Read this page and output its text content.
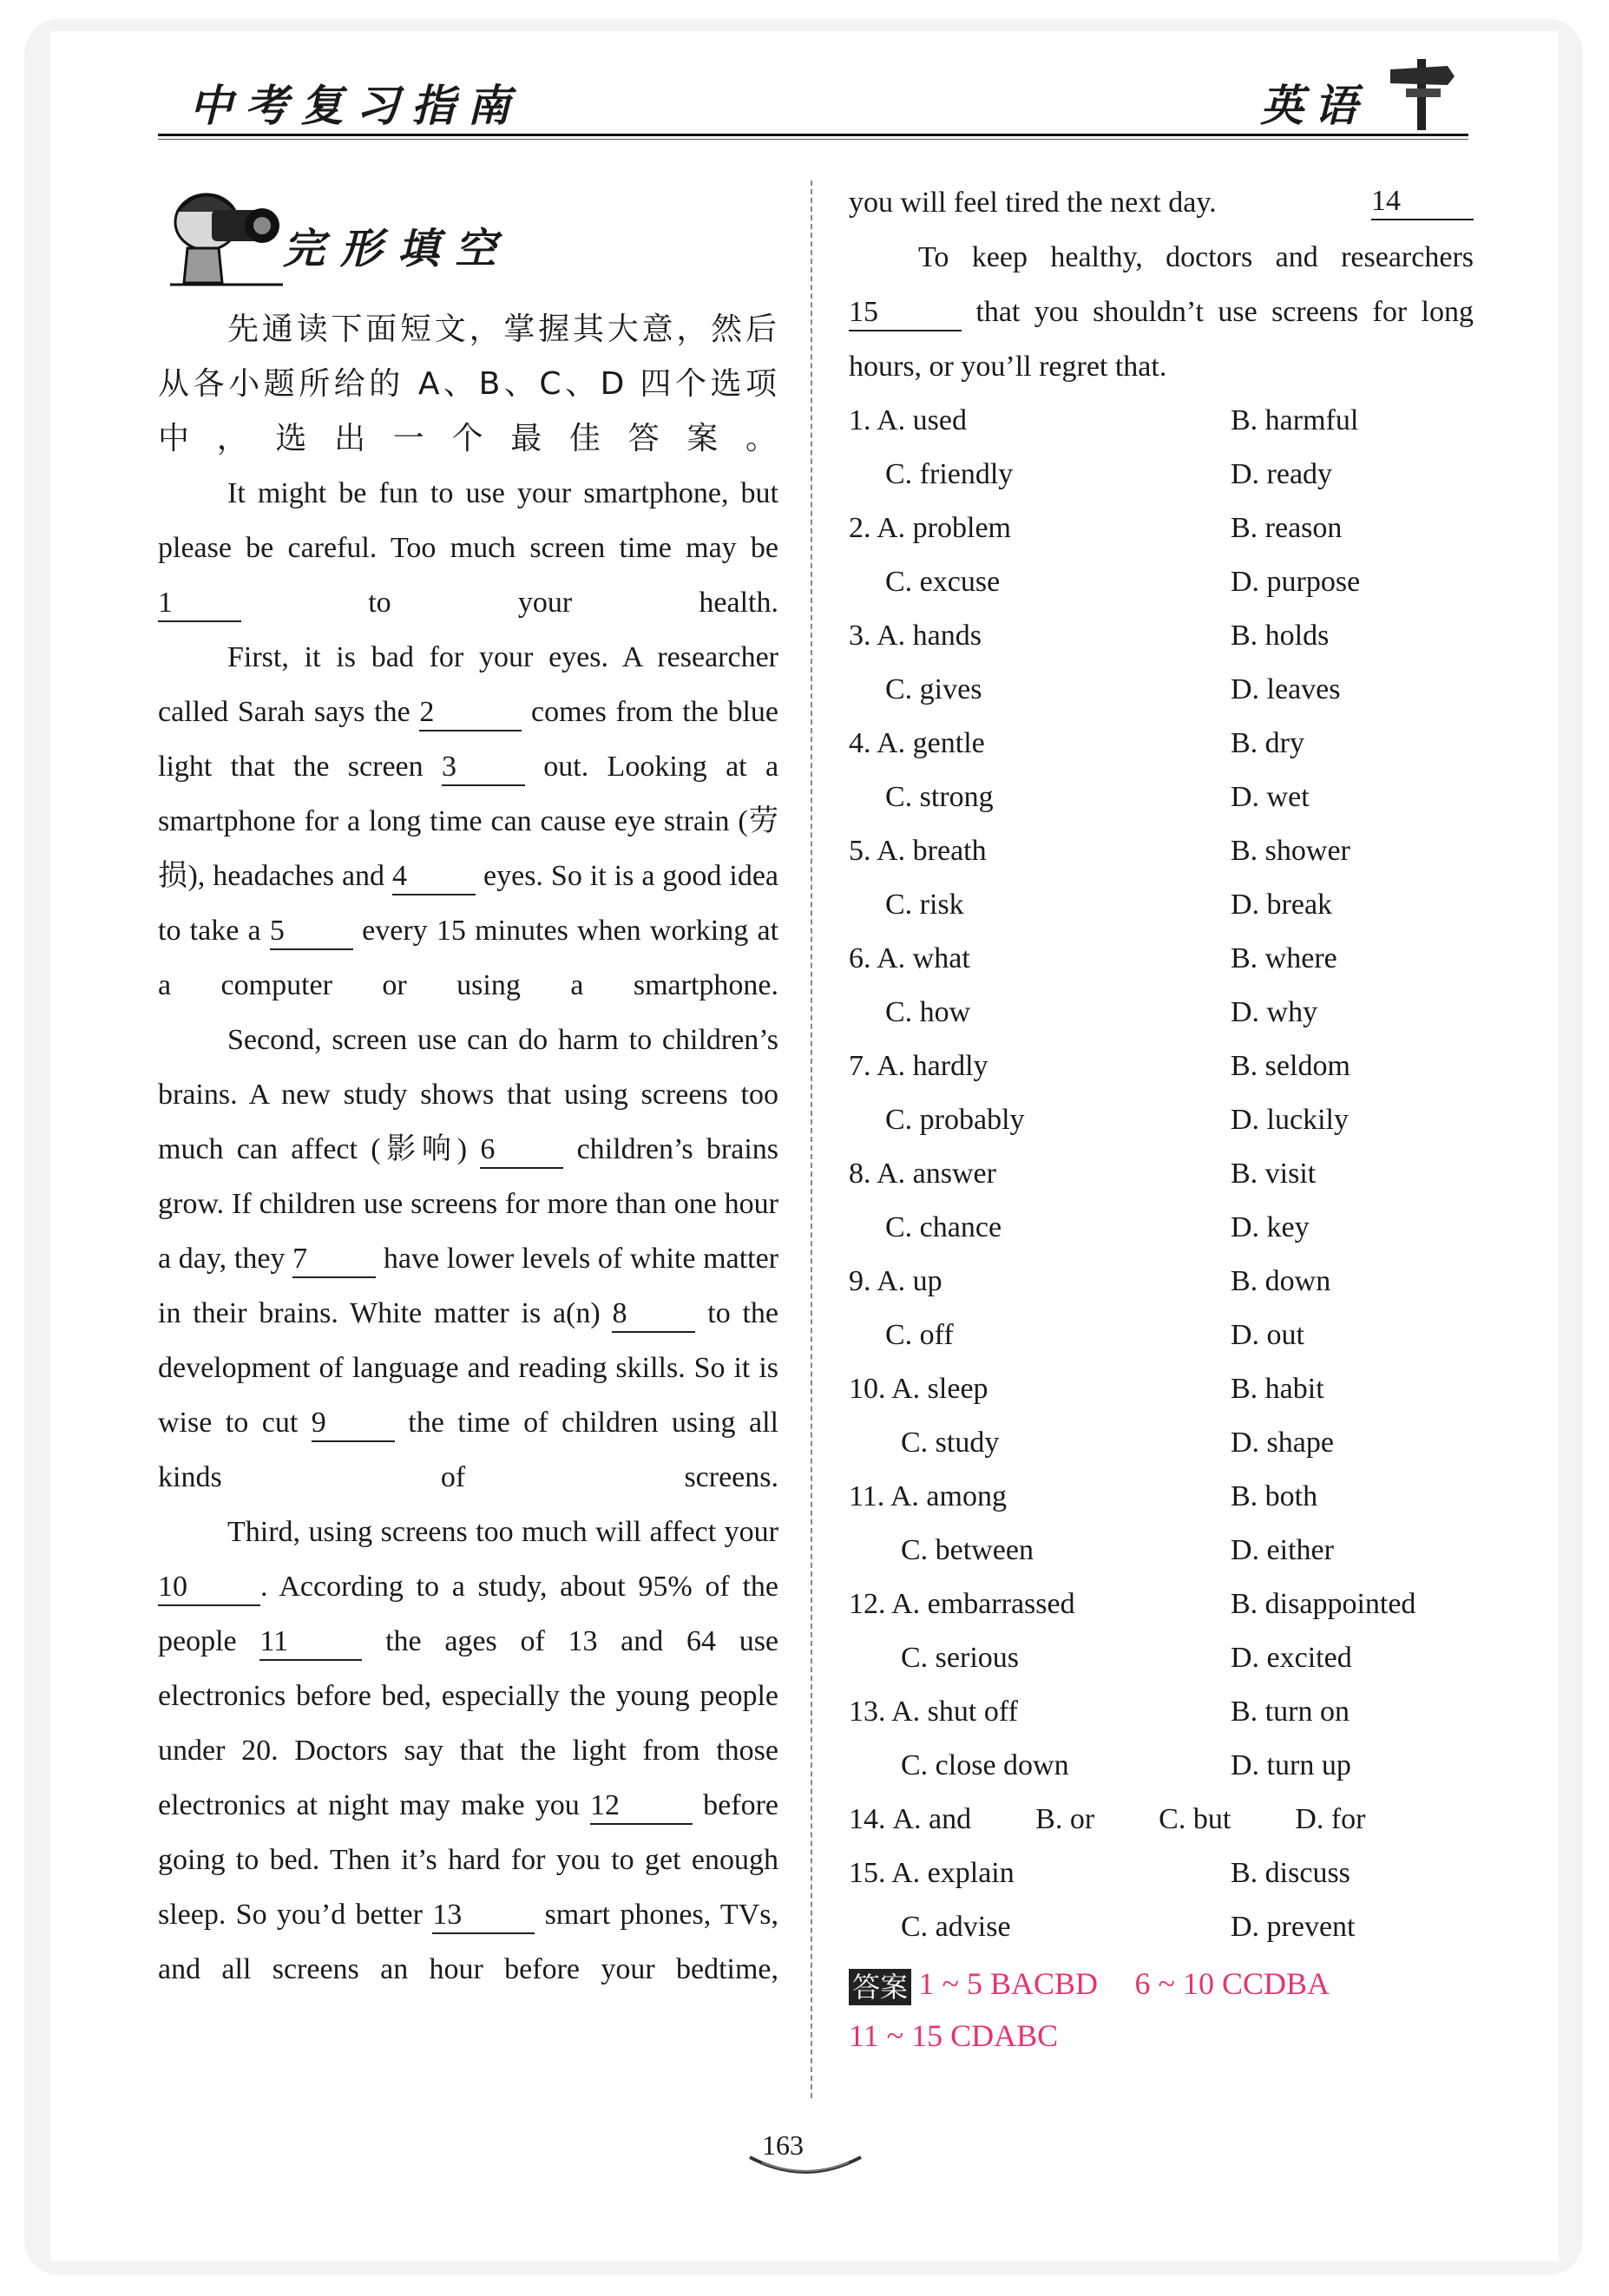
中考复习指南	英语
完形填空

先通读下面短文，掌握其大意，然后从各小题所给的 A、B、C、D 四个选项中，选出一个最佳答案。

It might be fun to use your smartphone, but please be careful. Too much screen time may be 1	to your health.

First, it is bad for your eyes. A researcher called Sarah says the 2	comes from the blue light that the screen 3	out. Looking at a smartphone for a long time can cause eye strain (劳损), headaches and 4	eyes. So it is a good idea to take a 5	every 15 minutes when working at a computer or using a smartphone.

Second, screen use can do harm to children’s brains. A new study shows that using screens too much can affect (影响) 6	children’s brains grow. If children use screens for more than one hour a day, they 7	have lower levels of white matter in their brains. White matter is a(n) 8	to the development of language and reading skills. So it is wise to cut 9	the time of children using all kinds of screens.

Third, using screens too much will affect your 10 . According to a study, about 95% of the people 11	the ages of 13 and 64 use electronics before bed, especially the young people under 20. Doctors say that the light from those electronics at night may make you 12	before going to bed. Then it’s hard for you to get enough sleep. So you’d better 13	smart phones, TVs, and all screens an hour before your bedtime,

14
you will feel tired the next day.

To keep healthy, doctors and researchers 15	that you shouldn’t use screens for long hours, or you’ll regret that.

1. A. used	B. harmful
C. friendly	D. ready
2. A. problem	B. reason
C. excuse	D. purpose
3. A. hands	B. holds
C. gives	D. leaves
4. A. gentle	B. dry
C. strong	D. wet
5. A. breath	B. shower
C. risk	D. break
6. A. what	B. where
C. how	D. why
7. A. hardly	B. seldom
C. probably	D. luckily
8. A. answer	B. visit
C. chance	D. key
9. A. up	B. down
C. off	D. out
10. A. sleep	B. habit
C. study	D. shape
11. A. among	B. both
C. between	D. either
12. A. embarrassed	B. disappointed
C. serious	D. excited
13. A. shut off	B. turn on
C. close down	D. turn up
14. A. and B. or C. but D. for
15. A. explain	B. discuss
C. advise	D. prevent
答案 1 ~ 5 BACBD 6 ~ 10 CCDBA
11 ~ 15 CDABC
163
